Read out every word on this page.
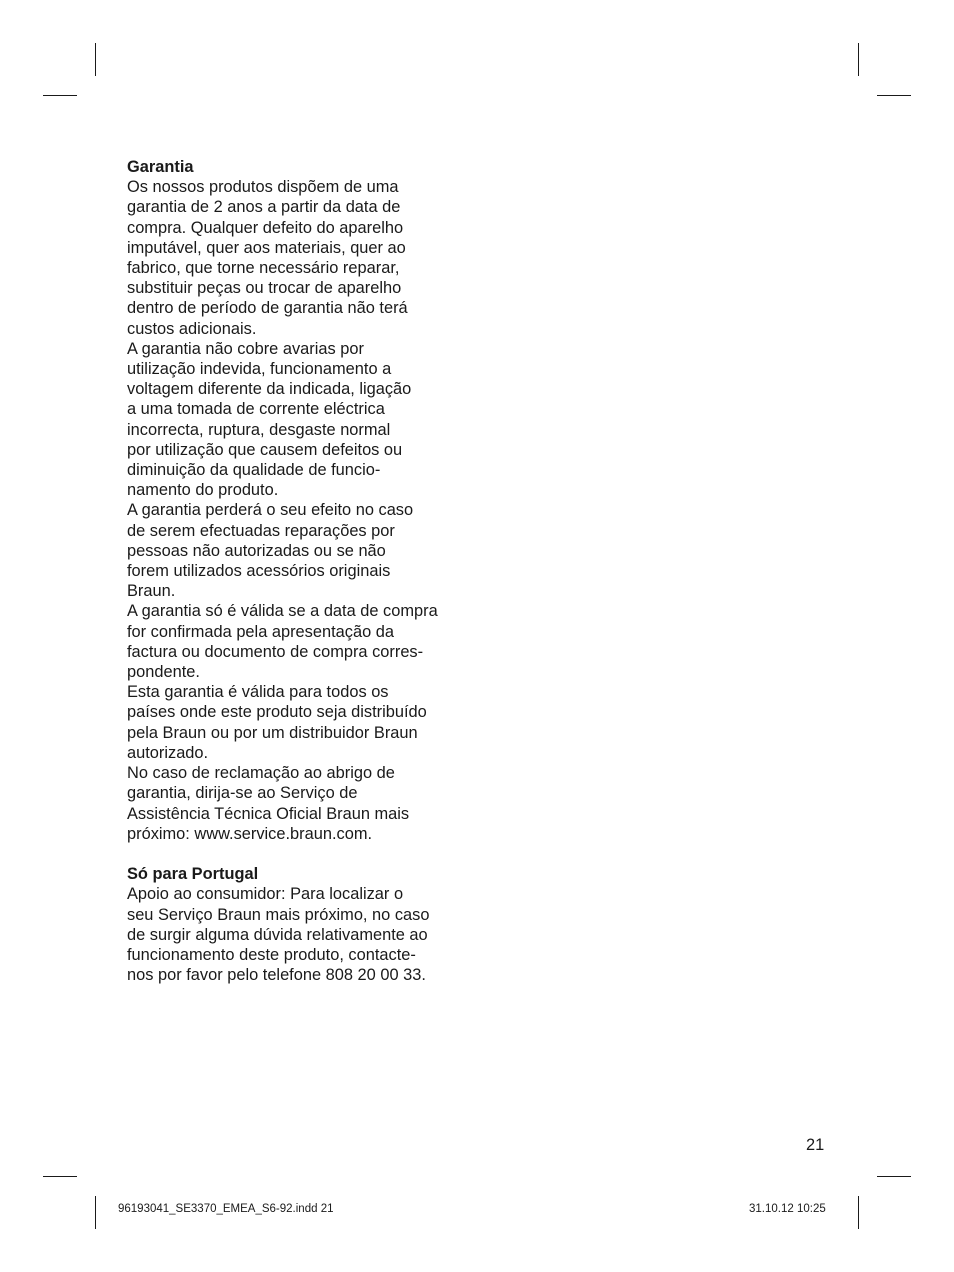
Garantia

Os nossos produtos dispõem de uma
garantia de 2 anos a partir da data de
compra. Qualquer defeito do aparelho
imputável, quer aos materiais, quer ao
fabrico, que torne necessário reparar,
substituir peças ou trocar de aparelho
dentro de período de garantia não terá
custos adicionais.
A garantia não cobre avarias por
utilização indevida, funcionamento a
voltagem diferente da indicada, ligação
a uma tomada de corrente eléctrica
incorrecta, ruptura, desgaste normal
por utilização que causem defeitos ou
diminuição da qualidade de funcio-
namento do produto.
A garantia perderá o seu efeito no caso
de serem efectuadas reparações por
pessoas não autorizadas ou se não
forem utilizados acessórios originais
Braun.
A garantia só é válida se a data de compra
for confirmada pela apresentação da
factura ou documento de compra corres-
pondente.
Esta garantia é válida para todos os
países onde este produto seja distribuído
pela Braun ou por um distribuidor Braun
autorizado.
No caso de reclamação ao abrigo de
garantia, dirija-se ao Serviço de
Assistência Técnica Oficial Braun mais
próximo: www.service.braun.com.

Só para Portugal

Apoio ao consumidor: Para localizar o
seu Serviço Braun mais próximo, no caso
de surgir alguma dúvida relativamente ao
funcionamento deste produto, contacte-
nos por favor pelo telefone 808 20 00 33.
21
96193041_SE3370_EMEA_S6-92.indd 21	31.10.12 10:25
